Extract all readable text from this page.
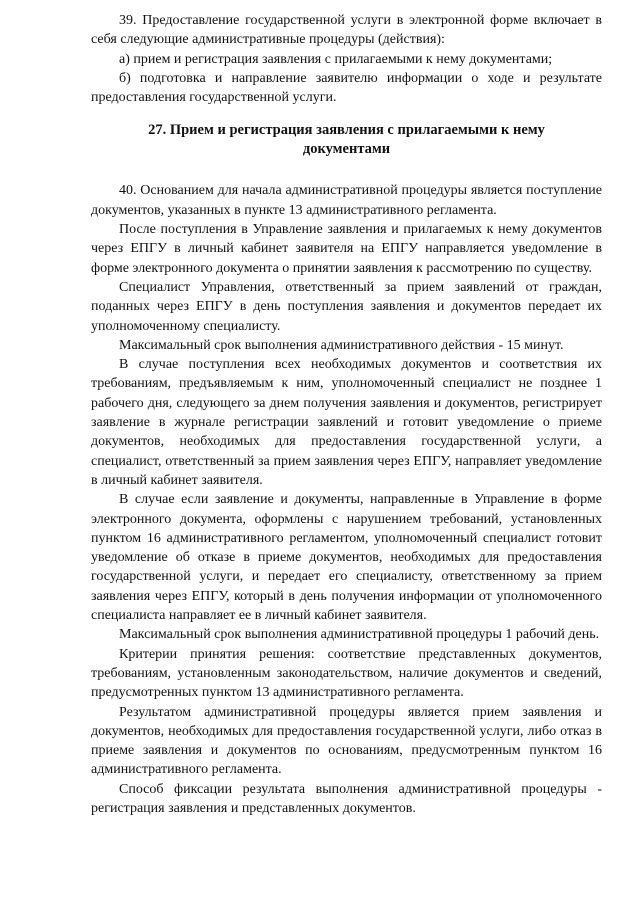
39. Предоставление государственной услуги в электронной форме включает в себя следующие административные процедуры (действия):

а) прием и регистрация заявления с прилагаемыми к нему документами;

б) подготовка и направление заявителю информации о ходе и результате предоставления государственной услуги.

27. Прием и регистрация заявления с прилагаемыми к нему документами

40. Основанием для начала административной процедуры является поступление документов, указанных в пункте 13 административного регламента.

После поступления в Управление заявления и прилагаемых к нему документов через ЕПГУ в личный кабинет заявителя на ЕПГУ направляется уведомление в форме электронного документа о принятии заявления к рассмотрению по существу.

Специалист Управления, ответственный за прием заявлений от граждан, поданных через ЕПГУ в день поступления заявления и документов передает их уполномоченному специалисту.

Максимальный срок выполнения административного действия - 15 минут.

В случае поступления всех необходимых документов и соответствия их требованиям, предъявляемым к ним, уполномоченный специалист не позднее 1 рабочего дня, следующего за днем получения заявления и документов, регистрирует заявление в журнале регистрации заявлений и готовит уведомление о приеме документов, необходимых для предоставления государственной услуги, а специалист, ответственный за прием заявления через ЕПГУ, направляет уведомление в личный кабинет заявителя.

В случае если заявление и документы, направленные в Управление в форме электронного документа, оформлены с нарушением требований, установленных пунктом 16 административного регламентом, уполномоченный специалист готовит уведомление об отказе в приеме документов, необходимых для предоставления государственной услуги, и передает его специалисту, ответственному за прием заявления через ЕПГУ, который в день получения информации от уполномоченного специалиста направляет ее в личный кабинет заявителя.

Максимальный срок выполнения административной процедуры 1 рабочий день.

Критерии принятия решения: соответствие представленных документов, требованиям, установленным законодательством, наличие документов и сведений, предусмотренных пунктом 13 административного регламента.

Результатом административной процедуры является прием заявления и документов, необходимых для предоставления государственной услуги, либо отказ в приеме заявления и документов по основаниям, предусмотренным пунктом 16 административного регламента.

Способ фиксации результата выполнения административной процедуры - регистрация заявления и представленных документов.
